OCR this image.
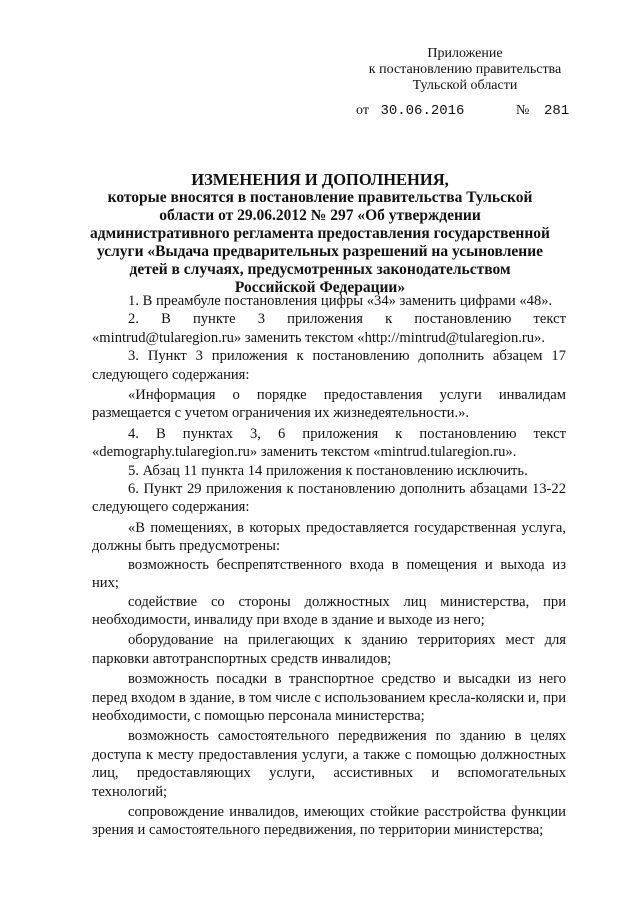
Приложение
к постановлению правительства
Тульской области
от 30.06.2016	№ 281
ИЗМЕНЕНИЯ И ДОПОЛНЕНИЯ,
которые вносятся в постановление правительства Тульской области от 29.06.2012 № 297 «Об утверждении административного регламента предоставления государственной услуги «Выдача предварительных разрешений на усыновление детей в случаях, предусмотренных законодательством Российской Федерации»

1. В преамбуле постановления цифры «34» заменить цифрами «48».

2. В пункте 3 приложения к постановлению текст «mintrud@tularegion.ru» заменить текстом «http://mintrud@tularegion.ru».

3. Пункт 3 приложения к постановлению дополнить абзацем 17 следующего содержания:

«Информация о порядке предоставления услуги инвалидам размещается с учетом ограничения их жизнедеятельности.».

4. В пунктах 3, 6 приложения к постановлению текст «demography.tularegion.ru» заменить текстом «mintrud.tularegion.ru».

5. Абзац 11 пункта 14 приложения к постановлению исключить.

6. Пункт 29 приложения к постановлению дополнить абзацами 13-22 следующего содержания:

«В помещениях, в которых предоставляется государственная услуга, должны быть предусмотрены:

возможность беспрепятственного входа в помещения и выхода из них;

содействие со стороны должностных лиц министерства, при необходимости, инвалиду при входе в здание и выходе из него;

оборудование на прилегающих к зданию территориях мест для парковки автотранспортных средств инвалидов;

возможность посадки в транспортное средство и высадки из него перед входом в здание, в том числе с использованием кресла-коляски и, при необходимости, с помощью персонала министерства;

возможность самостоятельного передвижения по зданию в целях доступа к месту предоставления услуги, а также с помощью должностных лиц, предоставляющих услуги, ассистивных и вспомогательных технологий;

сопровождение инвалидов, имеющих стойкие расстройства функции зрения и самостоятельного передвижения, по территории министерства;
